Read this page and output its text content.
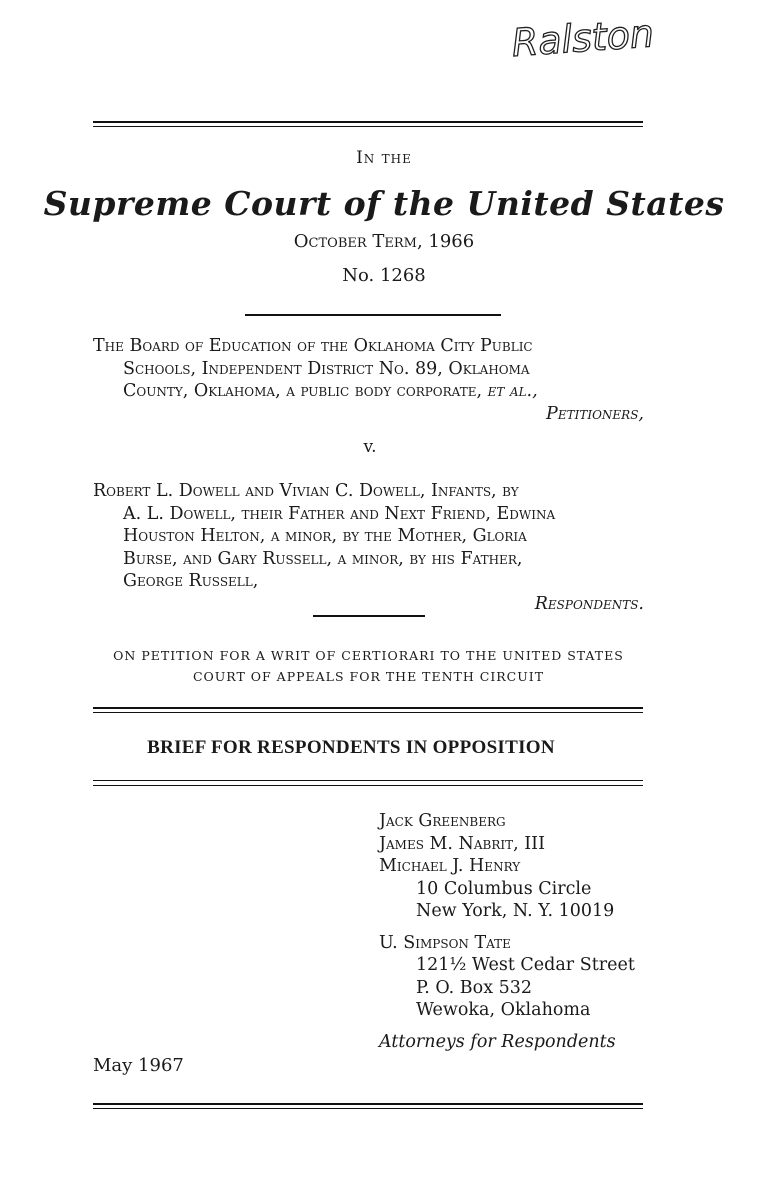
Ralston
In the
Supreme Court of the United States
October Term, 1966
No. 1268
The Board of Education of the Oklahoma City Public
Schools, Independent District No. 89, Oklahoma
County, Oklahoma, a public body corporate, et al.,
Petitioners,
v.
Robert L. Dowell and Vivian C. Dowell, Infants, by
A. L. Dowell, their Father and Next Friend, Edwina
Houston Helton, a minor, by the Mother, Gloria
Burse, and Gary Russell, a minor, by his Father,
George Russell,
Respondents.
ON PETITION FOR A WRIT OF CERTIORARI TO THE UNITED STATES
COURT OF APPEALS FOR THE TENTH CIRCUIT
BRIEF FOR RESPONDENTS IN OPPOSITION
Jack Greenberg
James M. Nabrit, III
Michael J. Henry
10 Columbus Circle
New York, N. Y. 10019
U. Simpson Tate
121½ West Cedar Street
P. O. Box 532
Wewoka, Oklahoma
Attorneys for Respondents
May 1967
